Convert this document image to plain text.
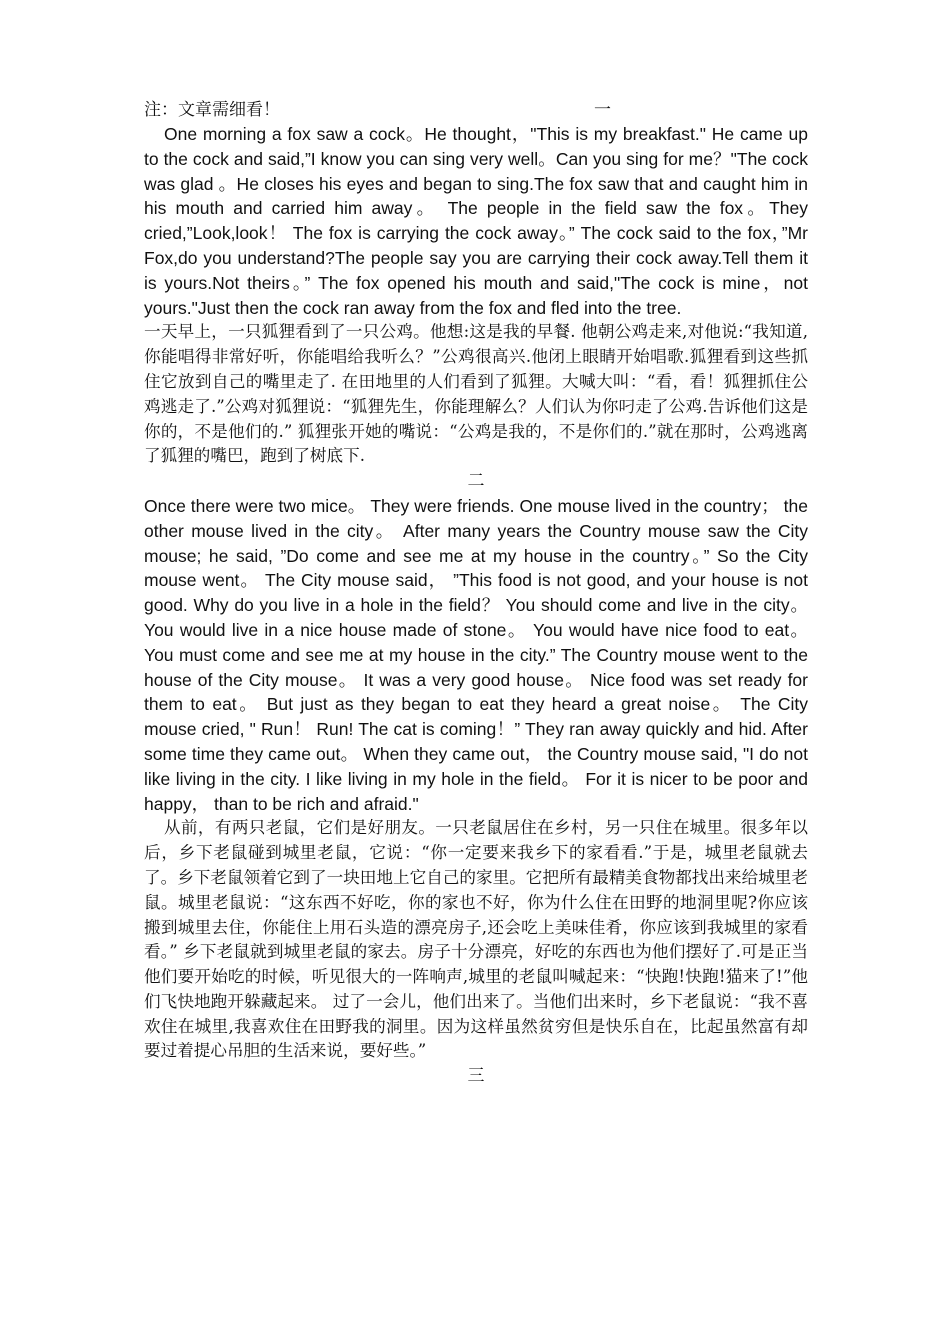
注：文章需细看！	一

One morning a fox saw a cock。He thought，"This is my breakfast." He came up to the cock and said,”I know you can sing very well。Can you sing for me？"The cock was glad 。He closes his eyes and began to sing.The fox saw that and caught him in his mouth and carried him away。 The people in the field saw the fox。They cried,”Look,look！ The fox is carrying the cock away。” The cock said to the fox，”Mr Fox,do you understand?The people say you are carrying their cock away.Tell them it is yours.Not theirs。” The fox opened his mouth and said,"The cock is mine，not yours."Just then the cock ran away from the fox and fled into the tree.

一天早上，一只狐狸看到了一只公鸡。他想:这是我的早餐. 他朝公鸡走来,对他说:“我知道,你能唱得非常好听，你能唱给我听么？”公鸡很高兴.他闭上眼睛开始唱歌.狐狸看到这些抓住它放到自己的嘴里走了. 在田地里的人们看到了狐狸。大喊大叫：“看，看！狐狸抓住公鸡逃走了.”公鸡对狐狸说：“狐狸先生，你能理解么？人们认为你叼走了公鸡.告诉他们这是你的，不是他们的.” 狐狸张开她的嘴说：“公鸡是我的，不是你们的.”就在那时，公鸡逃离了狐狸的嘴巴，跑到了树底下.

二

Once there were two mice。 They were friends. One mouse lived in the country； the other mouse lived in the city。 After many years the Country mouse saw the City mouse; he said, ”Do come and see me at my house in the country。” So the City mouse went。 The City mouse said， ”This food is not good, and your house is not good. Why do you live in a hole in the field？ You should come and live in the city。 You would live in a nice house made of stone。 You would have nice food to eat。 You must come and see me at my house in the city.” The Country mouse went to the house of the City mouse。 It was a very good house。 Nice food was set ready for them to eat。 But just as they began to eat they heard a great noise。 The City mouse cried, " Run！ Run! The cat is coming！” They ran away quickly and hid. After some time they came out。 When they came out， the Country mouse said, "I do not like living in the city. I like living in my hole in the field。 For it is nicer to be poor and happy， than to be rich and afraid."

从前，有两只老鼠，它们是好朋友。一只老鼠居住在乡村，另一只住在城里。很多年以后，乡下老鼠碰到城里老鼠，它说：“你一定要来我乡下的家看看.”于是，城里老鼠就去了。乡下老鼠领着它到了一块田地上它自己的家里。它把所有最精美食物都找出来给城里老鼠。城里老鼠说：“这东西不好吃，你的家也不好，你为什么住在田野的地洞里呢?你应该搬到城里去住，你能住上用石头造的漂亮房子,还会吃上美味佳肴，你应该到我城里的家看看。” 乡下老鼠就到城里老鼠的家去。房子十分漂亮，好吃的东西也为他们摆好了.可是正当他们要开始吃的时候，听见很大的一阵响声,城里的老鼠叫喊起来：“快跑!快跑!猫来了!”他们飞快地跑开躲藏起来。 过了一会儿，他们出来了。当他们出来时，乡下老鼠说：“我不喜欢住在城里,我喜欢住在田野我的洞里。因为这样虽然贫穷但是快乐自在，比起虽然富有却要过着提心吊胆的生活来说，要好些。”

三
